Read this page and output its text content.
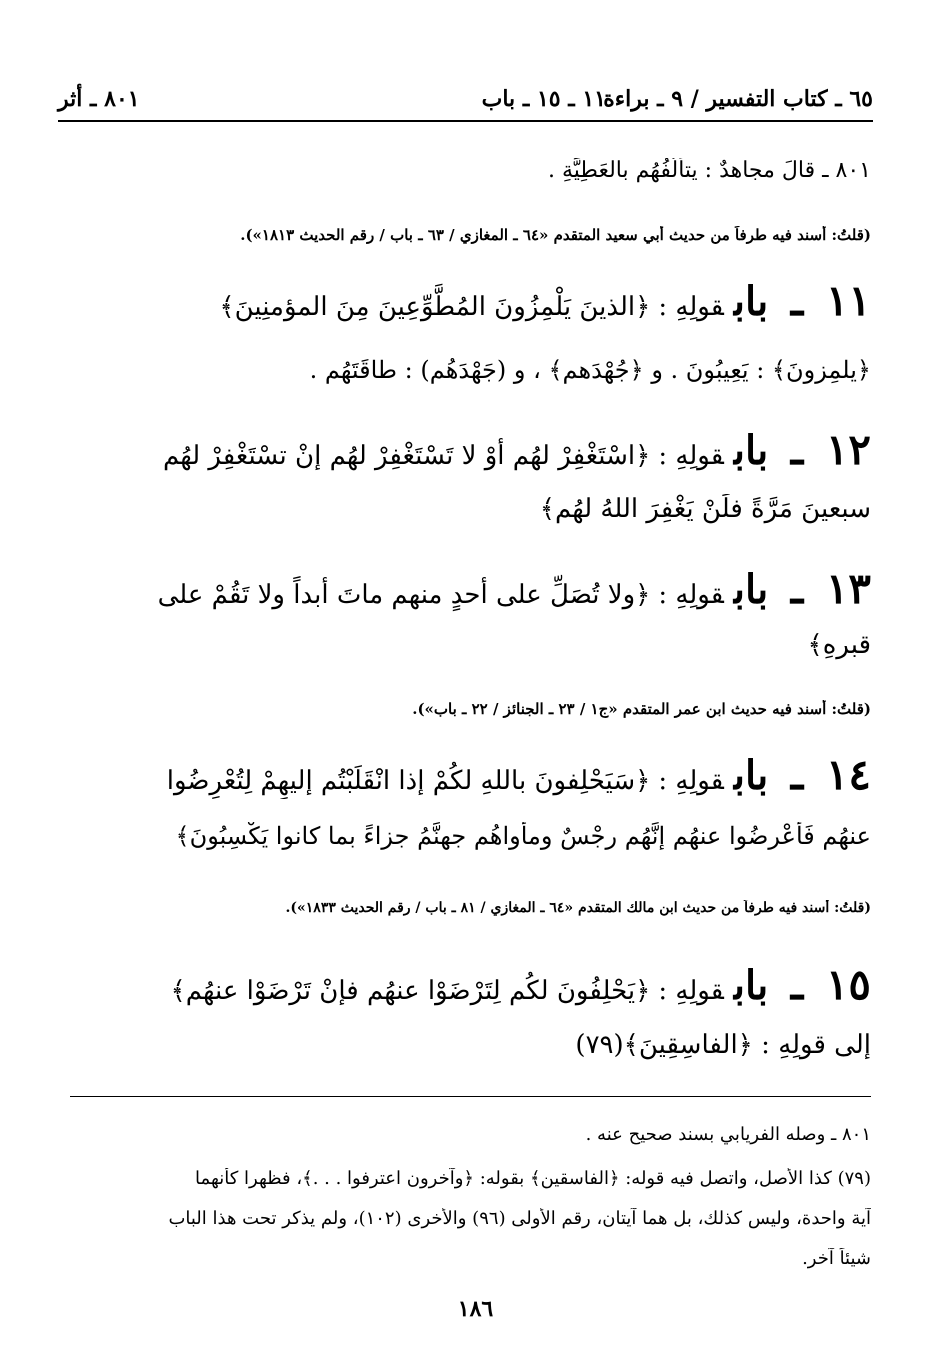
٦٥ ـ كتاب التفسير / ٩ ـ براءة
١١ ـ ١٥ ـ باب
٨٠١ ـ أثر
٨٠١ ـ قالَ مجاهدٌ : يتألَّفُهُم بالعَطِيَّةِ .
(قلتُ: أسند فيه طرفاً من حديث أبي سعيد المتقدم «٦٤ ـ المغازي / ٦٣ ـ باب / رقم الحديث ١٨١٣»).
١١ ـ بابقولِهِ :﴿الذينَ يَلْمِزُونَ المُطَّوِّعِينَ مِنَ المؤمنِينَ﴾
﴿يلمِزونَ﴾ : يَعِيبُونَ . و ﴿جُهْدَهم﴾ ، و (جَهْدَهُم) : طاقَتَهُم .
١٢ ـ بابقولِهِ :﴿اسْتَغْفِرْ لهُم أوْ لا تَسْتَغْفِرْ لهُم إنْ تسْتَغْفِرْ لهُم
سبعينَ مَرَّةً فلَنْ يَغْفِرَ اللهُ لهُم﴾
١٣ ـ بابقولِهِ :﴿ولا تُصَلِّ على أحدٍ منهم ماتَ أبداً ولا تَقُمْ على
قبرِهِ﴾
(قلتُ: أسند فيه حديث ابن عمر المتقدم «ج١ / ٢٣ ـ الجنائز / ٢٢ ـ باب»).
١٤ ـ بابقولِهِ :﴿سَيَحْلِفونَ باللهِ لكُمْ إذا انْقَلَبْتُم إليهِمْ لِتُعْرِضُوا
عنهُم فَأَعْرِضُوا عنهُم إنَّهُم رِجْسٌ ومأْواهُم جهنَّمُ جزاءً بما كانوا يَكْسِبُونَ﴾
(قلتُ: أسند فيه طرفاً من حديث ابن مالك المتقدم «٦٤ ـ المغازي / ٨١ ـ باب / رقم الحديث ١٨٣٣»).
١٥ ـ بابقولِهِ :﴿يَحْلِفُونَ لكُم لِتَرْضَوْا عنهُم فإنْ تَرْضَوْا عنهُم﴾
إلى قولِهِ : ﴿الفاسِقِينَ﴾(٧٩)
٨٠١ ـ وصله الفريابي بسند صحيح عنه .
(٧٩) كذا الأصل، واتصل فيه قوله: ﴿الفاسقين﴾ بقوله: ﴿وآخرون اعترفوا . . .﴾، فظهرا كأنهما
آية واحدة، وليس كذلك، بل هما آيتان، رقم الأولى (٩٦) والأخرى (١٠٢)، ولم يذكر تحت هذا الباب
شيئاً آخر.
١٨٦
